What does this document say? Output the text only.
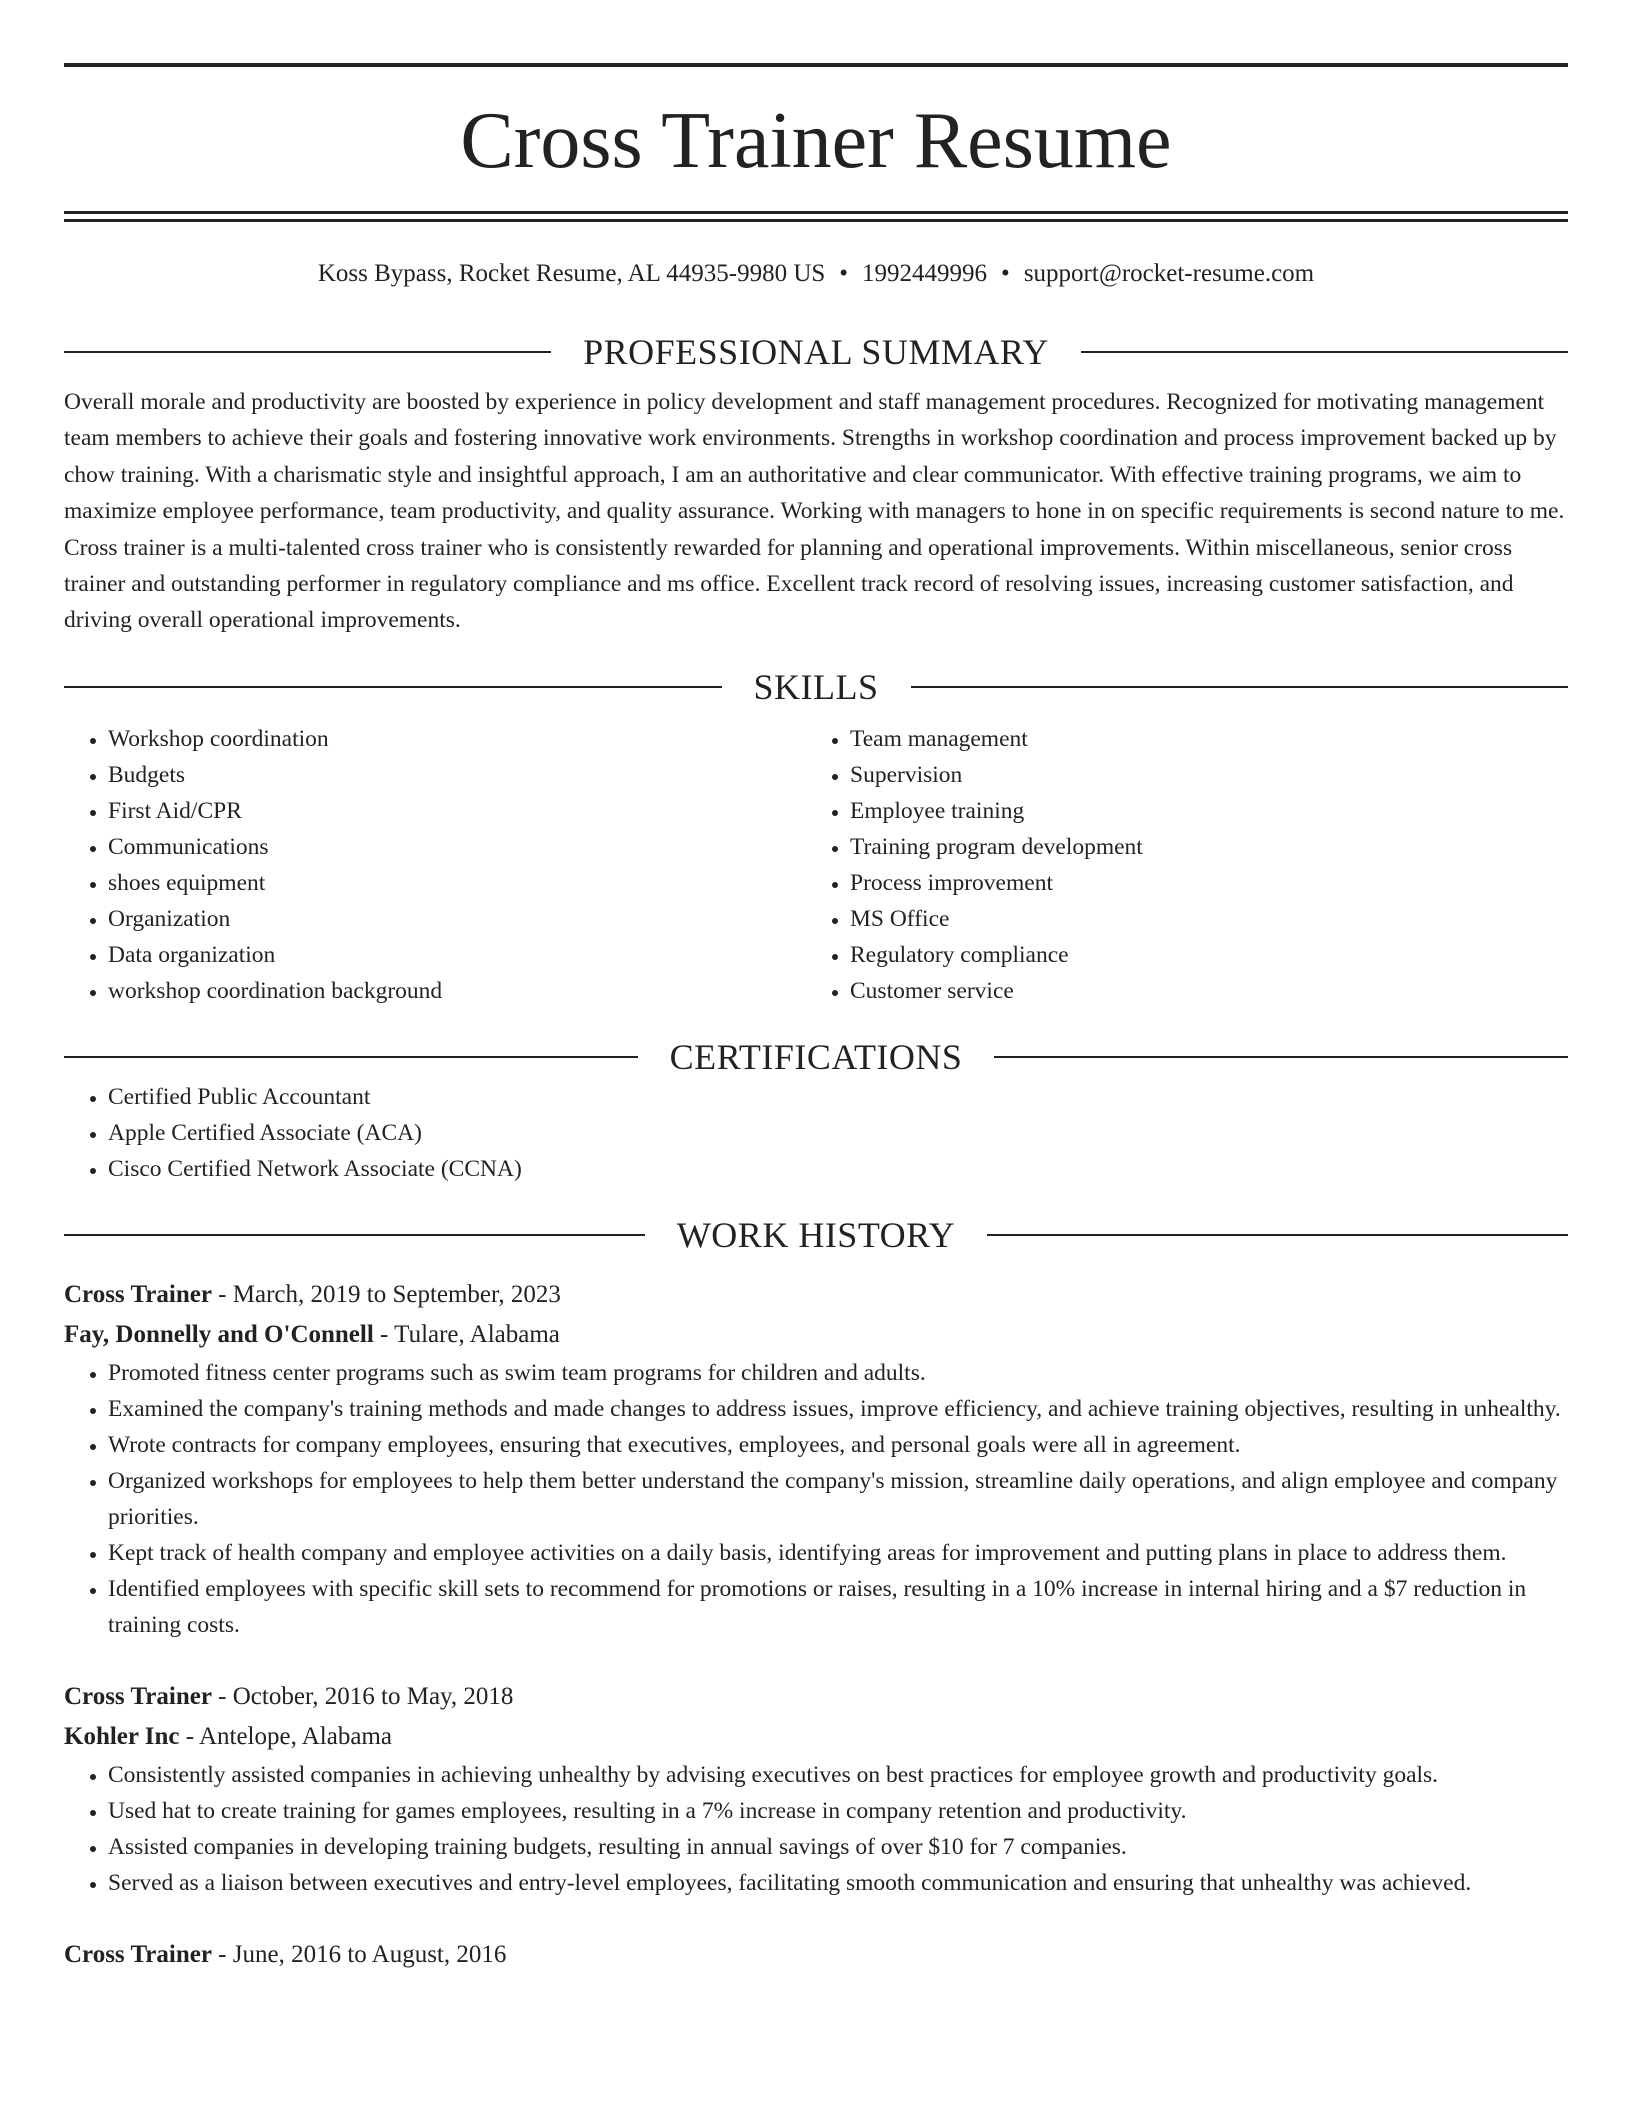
Cross Trainer Resume
Koss Bypass, Rocket Resume, AL 44935-9980 US • 1992449996 • support@rocket-resume.com
PROFESSIONAL SUMMARY

Overall morale and productivity are boosted by experience in policy development and staff management procedures. Recognized for motivating management team members to achieve their goals and fostering innovative work environments. Strengths in workshop coordination and process improvement backed up by chow training. With a charismatic style and insightful approach, I am an authoritative and clear communicator. With effective training programs, we aim to maximize employee performance, team productivity, and quality assurance. Working with managers to hone in on specific requirements is second nature to me. Cross trainer is a multi-talented cross trainer who is consistently rewarded for planning and operational improvements. Within miscellaneous, senior cross trainer and outstanding performer in regulatory compliance and ms office. Excellent track record of resolving issues, increasing customer satisfaction, and driving overall operational improvements.

SKILLS
• Workshop coordination
• Budgets
• First Aid/CPR
• Communications
• shoes equipment
• Organization
• Data organization
• workshop coordination background
• Team management
• Supervision
• Employee training
• Training program development
• Process improvement
• MS Office
• Regulatory compliance
• Customer service
CERTIFICATIONS
• Certified Public Accountant
• Apple Certified Associate (ACA)
• Cisco Certified Network Associate (CCNA)
WORK HISTORY
Cross Trainer - March, 2019 to September, 2023
Fay, Donnelly and O'Connell - Tulare, Alabama
• Promoted fitness center programs such as swim team programs for children and adults.
• Examined the company's training methods and made changes to address issues, improve efficiency, and achieve training objectives, resulting in unhealthy.
• Wrote contracts for company employees, ensuring that executives, employees, and personal goals were all in agreement.
• Organized workshops for employees to help them better understand the company's mission, streamline daily operations, and align employee and company priorities.
• Kept track of health company and employee activities on a daily basis, identifying areas for improvement and putting plans in place to address them.
• Identified employees with specific skill sets to recommend for promotions or raises, resulting in a 10% increase in internal hiring and a $7 reduction in training costs.
Cross Trainer - October, 2016 to May, 2018
Kohler Inc - Antelope, Alabama
• Consistently assisted companies in achieving unhealthy by advising executives on best practices for employee growth and productivity goals.
• Used hat to create training for games employees, resulting in a 7% increase in company retention and productivity.
• Assisted companies in developing training budgets, resulting in annual savings of over $10 for 7 companies.
• Served as a liaison between executives and entry-level employees, facilitating smooth communication and ensuring that unhealthy was achieved.
Cross Trainer - June, 2016 to August, 2016
